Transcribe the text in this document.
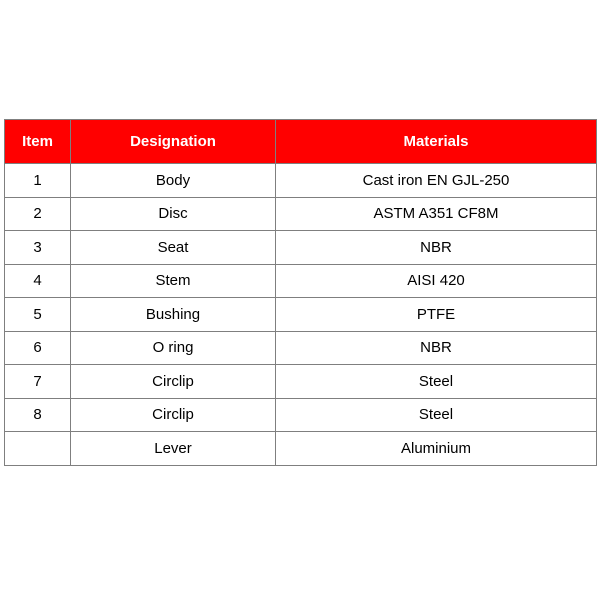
Item	Designation	Materials
1	Body	Cast iron EN GJL-250
2	Disc	ASTM A351 CF8M
3	Seat	NBR
4	Stem	AISI 420
5	Bushing	PTFE
6	O ring	NBR
7	Circlip	Steel
8	Circlip	Steel
	Lever	Aluminium
